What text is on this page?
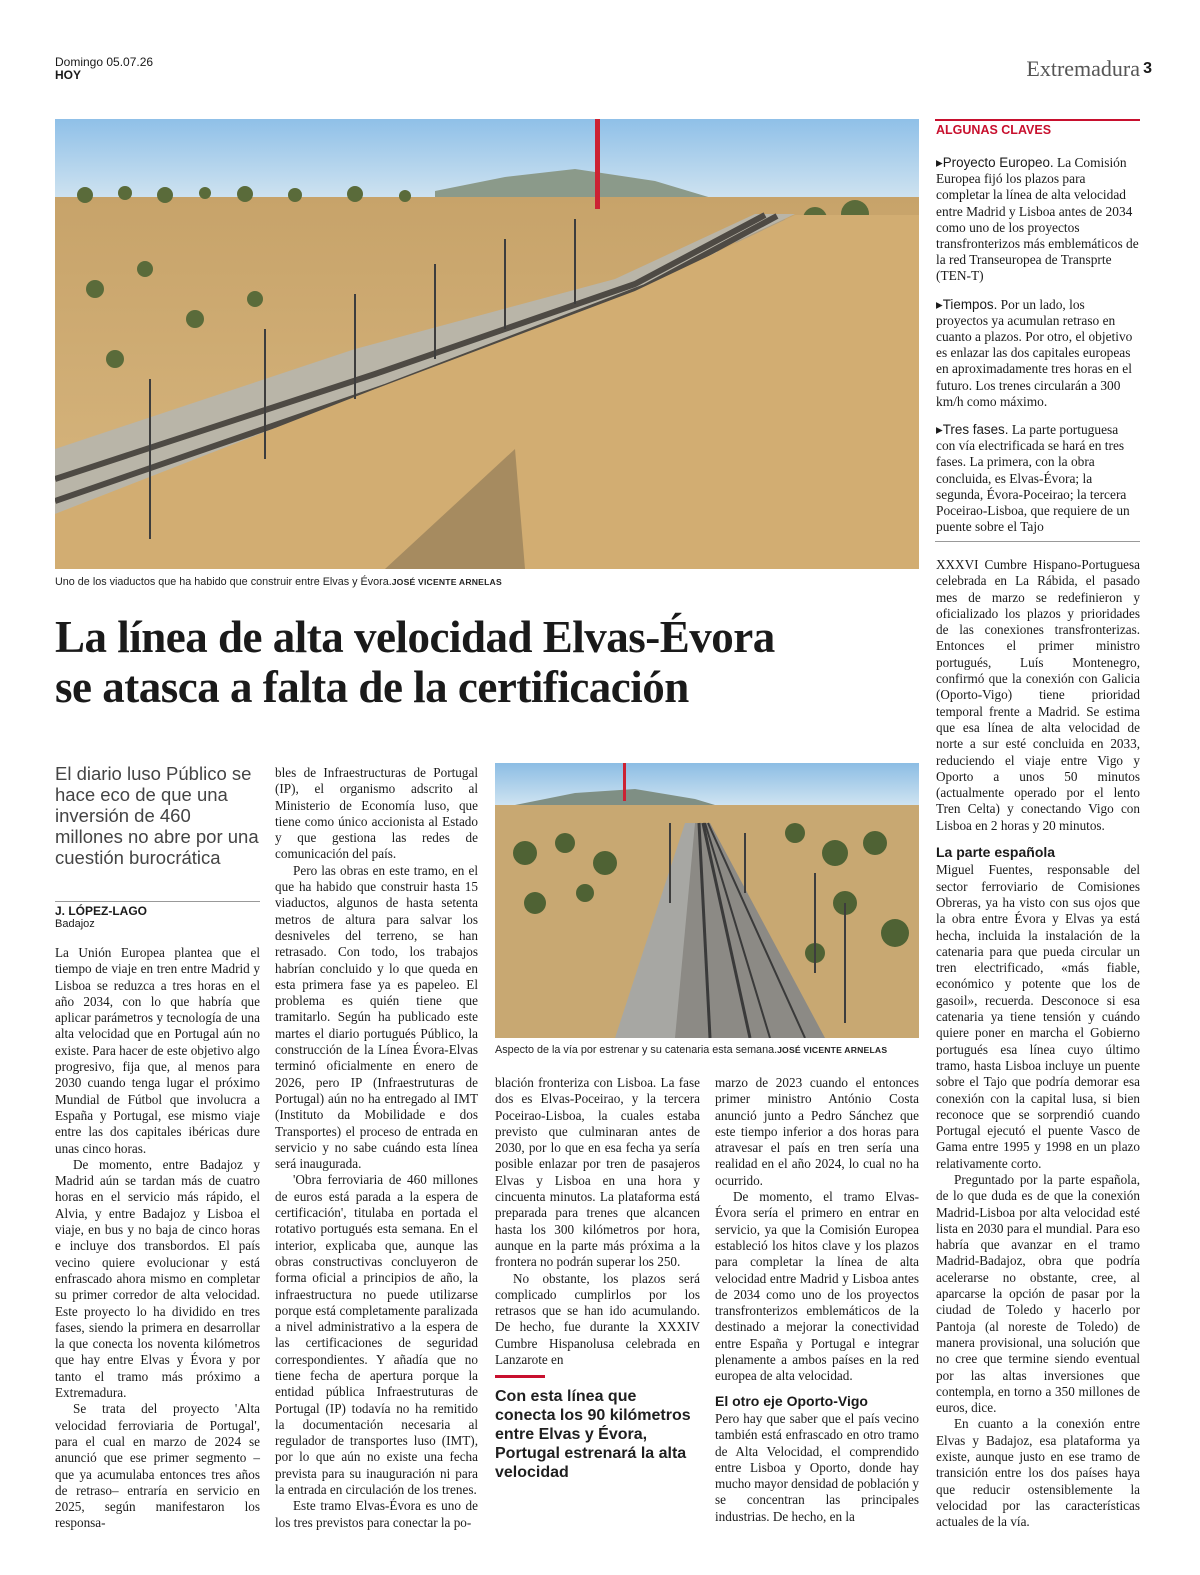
Domingo 05.07.26
HOY	Extremadura 3
Uno de los viaductos que ha habido que construir entre Elvas y Évora.JOSÉ VICENTE ARNELAS
La línea de alta velocidad Elvas-Évora
se atasca a falta de la certificación
El diario luso Público se hace eco de que una inversión de 460 millones no abre por una cuestión burocrática
J. LÓPEZ-LAGO
Badajoz

La Unión Europea plantea que el tiempo de viaje en tren entre Madrid y Lisboa se reduzca a tres horas en el año 2034, con lo que habría que aplicar parámetros y tecnología de una alta velocidad que en Portugal aún no existe. Para hacer de este objetivo algo progresivo, fija que, al menos para 2030 cuando tenga lugar el próximo Mundial de Fútbol que involucra a España y Portugal, ese mismo viaje entre las dos capitales ibéricas dure unas cinco horas.

De momento, entre Badajoz y Madrid aún se tardan más de cuatro horas en el servicio más rápido, el Alvia, y entre Badajoz y Lisboa el viaje, en bus y no baja de cinco horas e incluye dos transbordos. El país vecino quiere evolucionar y está enfrascado ahora mismo en completar su primer corredor de alta velocidad. Este proyecto lo ha dividido en tres fases, siendo la primera en desarrollar la que conecta los noventa kilómetros que hay entre Elvas y Évora y por tanto el tramo más próximo a Extremadura.

Se trata del proyecto 'Alta velocidad ferroviaria de Portugal', para el cual en marzo de 2024 se anunció que ese primer segmento –que ya acumulaba entonces tres años de retraso– entraría en servicio en 2025, según manifestaron los responsa-

bles de Infraestructuras de Portugal (IP), el organismo adscrito al Ministerio de Economía luso, que tiene como único accionista al Estado y que gestiona las redes de comunicación del país.

Pero las obras en este tramo, en el que ha habido que construir hasta 15 viaductos, algunos de hasta setenta metros de altura para salvar los desniveles del terreno, se han retrasado. Con todo, los trabajos habrían concluido y lo que queda en esta primera fase ya es papeleo. El problema es quién tiene que tramitarlo. Según ha publicado este martes el diario portugués Público, la construcción de la Línea Évora-Elvas terminó oficialmente en enero de 2026, pero IP (Infraestruturas de Portugal) aún no ha entregado al IMT (Instituto da Mobilidade e dos Transportes) el proceso de entrada en servicio y no sabe cuándo esta línea será inaugurada.

'Obra ferroviaria de 460 millones de euros está parada a la espera de certificación', titulaba en portada el rotativo portugués esta semana. En el interior, explicaba que, aunque las obras constructivas concluyeron de forma oficial a principios de año, la infraestructura no puede utilizarse porque está completamente paralizada a nivel administrativo a la espera de las certificaciones de seguridad correspondientes. Y añadía que no tiene fecha de apertura porque la entidad pública Infraestruturas de Portugal (IP) todavía no ha remitido la documentación necesaria al regulador de transportes luso (IMT), por lo que aún no existe una fecha prevista para su inauguración ni para la entrada en circulación de los trenes.

Este tramo Elvas-Évora es uno de los tres previstos para conectar la po-

Aspecto de la vía por estrenar y su catenaria esta semana.JOSÉ VICENTE ARNELAS

blación fronteriza con Lisboa. La fase dos es Elvas-Poceirao, y la tercera Poceirao-Lisboa, la cuales estaba previsto que culminaran antes de 2030, por lo que en esa fecha ya sería posible enlazar por tren de pasajeros Elvas y Lisboa en una hora y cincuenta minutos. La plataforma está preparada para trenes que alcancen hasta los 300 kilómetros por hora, aunque en la parte más próxima a la frontera no podrán superar los 250.

No obstante, los plazos será complicado cumplirlos por los retrasos que se han ido acumulando. De hecho, fue durante la XXXIV Cumbre Hispanolusa celebrada en Lanzarote en

Con esta línea que conecta los 90 kilómetros entre Elvas y Évora, Portugal estrenará la alta velocidad

marzo de 2023 cuando el entonces primer ministro António Costa anunció junto a Pedro Sánchez que este tiempo inferior a dos horas para atravesar el país en tren sería una realidad en el año 2024, lo cual no ha ocurrido.

De momento, el tramo Elvas-Évora sería el primero en entrar en servicio, ya que la Comisión Europea estableció los hitos clave y los plazos para completar la línea de alta velocidad entre Madrid y Lisboa antes de 2034 como uno de los proyectos transfronterizos emblemáticos de la destinado a mejorar la conectividad entre España y Portugal e integrar plenamente a ambos países en la red europea de alta velocidad.

El otro eje Oporto-Vigo

Pero hay que saber que el país vecino también está enfrascado en otro tramo de Alta Velocidad, el comprendido entre Lisboa y Oporto, donde hay mucho mayor densidad de población y se concentran las principales industrias. De hecho, en la

ALGUNAS CLAVES

▸Proyecto Europeo. La Comisión Europea fijó los plazos para completar la línea de alta velocidad entre Madrid y Lisboa antes de 2034 como uno de los proyectos transfronterizos más emblemáticos de la red Transeuropea de Transprte (TEN-T)

▸Tiempos. Por un lado, los proyectos ya acumulan retraso en cuanto a plazos. Por otro, el objetivo es enlazar las dos capitales europeas en aproximadamente tres horas en el futuro. Los trenes circularán a 300 km/h como máximo.

▸Tres fases. La parte portuguesa con vía electrificada se hará en tres fases. La primera, con la obra concluida, es Elvas-Évora; la segunda, Évora-Poceirao; la tercera Poceirao-Lisboa, que requiere de un puente sobre el Tajo

XXXVI Cumbre Hispano-Portuguesa celebrada en La Rábida, el pasado mes de marzo se redefinieron y oficializado los plazos y prioridades de las conexiones transfronterizas. Entonces el primer ministro portugués, Luís Montenegro, confirmó que la conexión con Galicia (Oporto-Vigo) tiene prioridad temporal frente a Madrid. Se estima que esa línea de alta velocidad de norte a sur esté concluida en 2033, reduciendo el viaje entre Vigo y Oporto a unos 50 minutos (actualmente operado por el lento Tren Celta) y conectando Vigo con Lisboa en 2 horas y 20 minutos.

La parte española

Miguel Fuentes, responsable del sector ferroviario de Comisiones Obreras, ya ha visto con sus ojos que la obra entre Évora y Elvas ya está hecha, incluida la instalación de la catenaria para que pueda circular un tren electrificado, «más fiable, económico y potente que los de gasoil», recuerda. Desconoce si esa catenaria ya tiene tensión y cuándo quiere poner en marcha el Gobierno portugués esa línea cuyo último tramo, hasta Lisboa incluye un puente sobre el Tajo que podría demorar esa conexión con la capital lusa, si bien reconoce que se sorprendió cuando Portugal ejecutó el puente Vasco de Gama entre 1995 y 1998 en un plazo relativamente corto.

Preguntado por la parte española, de lo que duda es de que la conexión Madrid-Lisboa por alta velocidad esté lista en 2030 para el mundial. Para eso habría que avanzar en el tramo Madrid-Badajoz, obra que podría acelerarse no obstante, cree, al aparcarse la opción de pasar por la ciudad de Toledo y hacerlo por Pantoja (al noreste de Toledo) de manera provisional, una solución que no cree que termine siendo eventual por las altas inversiones que contempla, en torno a 350 millones de euros, dice.

En cuanto a la conexión entre Elvas y Badajoz, esa plataforma ya existe, aunque justo en ese tramo de transición entre los dos países haya que reducir ostensiblemente la velocidad por las características actuales de la vía.
